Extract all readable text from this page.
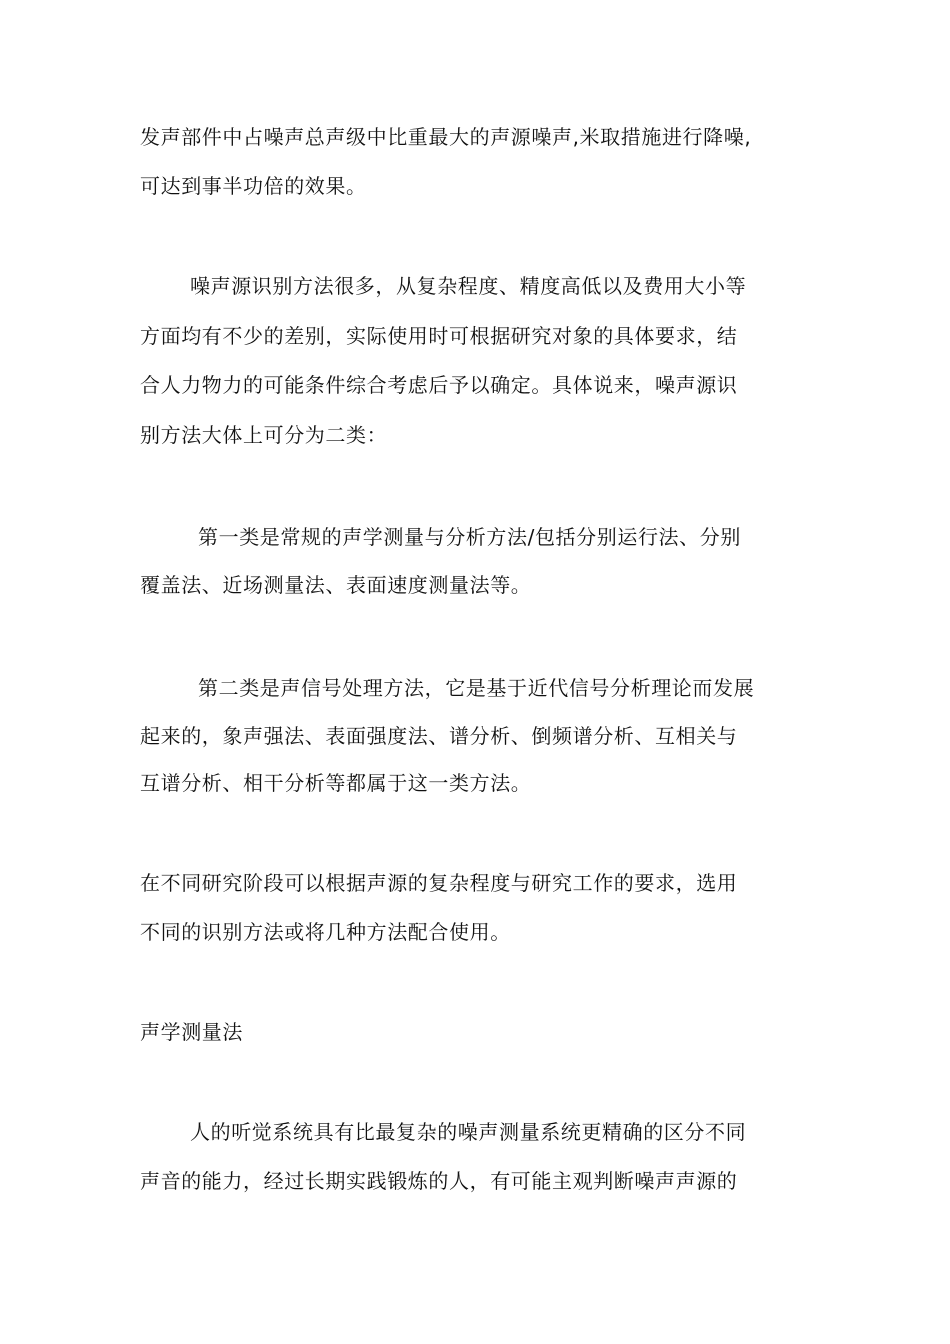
发声部件中占噪声总声级中比重最大的声源噪声,米取措施进行降噪,
可达到事半功倍的效果。
噪声源识别方法很多，从复杂程度、精度高低以及费用大小等
方面均有不少的差别，实际使用时可根据研究对象的具体要求，结
合人力物力的可能条件综合考虑后予以确定。具体说来，噪声源识
别方法大体上可分为二类：
第一类是常规的声学测量与分析方法/包括分别运行法、分别
覆盖法、近场测量法、表面速度测量法等。
第二类是声信号处理方法，它是基于近代信号分析理论而发展
起来的，象声强法、表面强度法、谱分析、倒频谱分析、互相关与
互谱分析、相干分析等都属于这一类方法。
在不同研究阶段可以根据声源的复杂程度与研究工作的要求，选用
不同的识别方法或将几种方法配合使用。
声学测量法
人的听觉系统具有比最复杂的噪声测量系统更精确的区分不同
声音的能力，经过长期实践锻炼的人，有可能主观判断噪声声源的
